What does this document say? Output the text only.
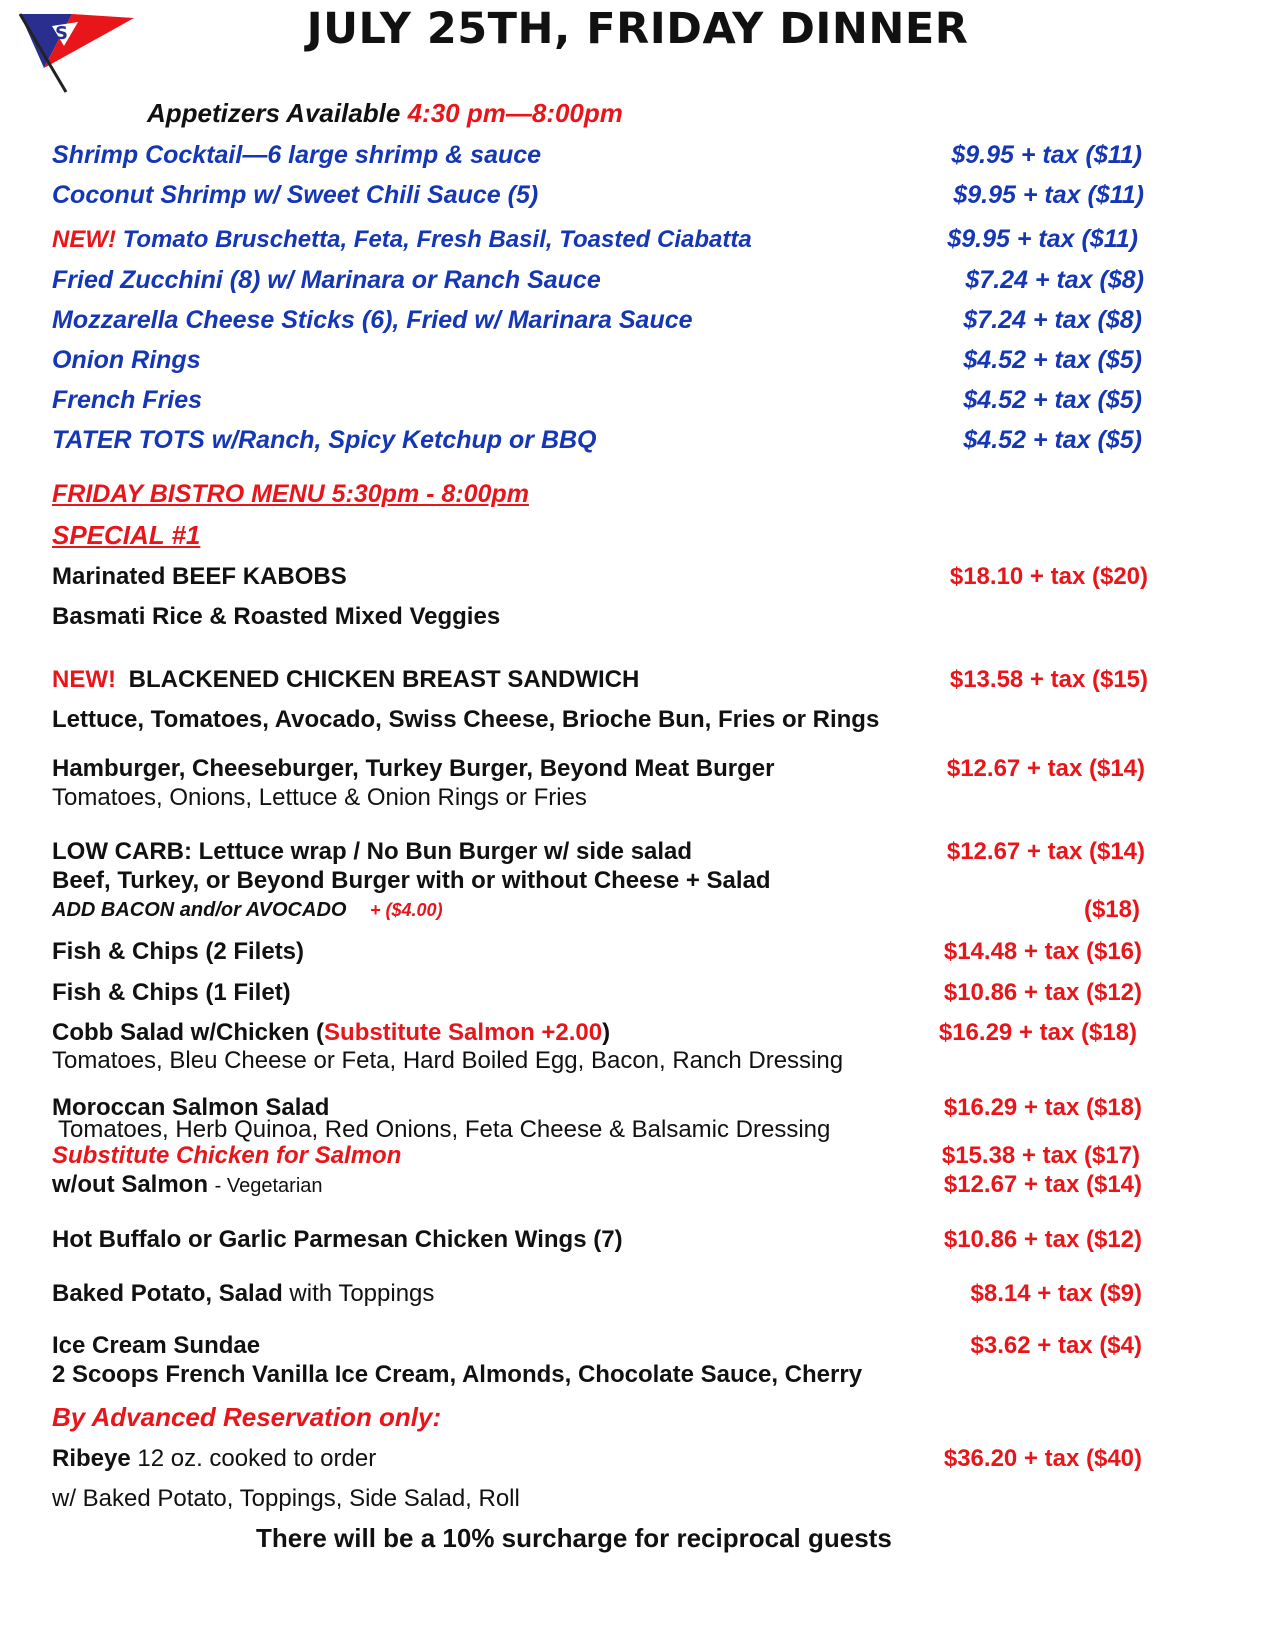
S	JULY 25TH, FRIDAY DINNER
Appetizers Available 4:30 pm—8:00pm
Shrimp Cocktail—6 large shrimp & sauce	$9.95 + tax ($11)
Coconut Shrimp w/ Sweet Chili Sauce (5)	$9.95 + tax ($11)
NEW! Tomato Bruschetta, Feta, Fresh Basil, Toasted Ciabatta	$9.95 + tax ($11)
Fried Zucchini (8) w/ Marinara or Ranch Sauce	$7.24 + tax ($8)
Mozzarella Cheese Sticks (6), Fried w/ Marinara Sauce	$7.24 + tax ($8)
Onion Rings	$4.52 + tax ($5)
French Fries	$4.52 + tax ($5)
TATER TOTS w/Ranch, Spicy Ketchup or BBQ	$4.52 + tax ($5)
FRIDAY BISTRO MENU 5:30pm - 8:00pm
SPECIAL #1
Marinated BEEF KABOBS	$18.10 + tax ($20)
Basmati Rice & Roasted Mixed Veggies
NEW! BLACKENED CHICKEN BREAST SANDWICH	$13.58 + tax ($15)
Lettuce, Tomatoes, Avocado, Swiss Cheese, Brioche Bun, Fries or Rings
Hamburger, Cheeseburger, Turkey Burger, Beyond Meat Burger	$12.67 + tax ($14)
Tomatoes, Onions, Lettuce & Onion Rings or Fries
LOW CARB: Lettuce wrap / No Bun Burger w/ side salad	$12.67 + tax ($14)
Beef, Turkey, or Beyond Burger with or without Cheese + Salad
ADD BACON and/or AVOCADO + ($4.00)	($18)
Fish & Chips (2 Filets)	$14.48 + tax ($16)
Fish & Chips (1 Filet)	$10.86 + tax ($12)
Cobb Salad w/Chicken (Substitute Salmon +2.00)	$16.29 + tax ($18)
Tomatoes, Bleu Cheese or Feta, Hard Boiled Egg, Bacon, Ranch Dressing
Moroccan Salmon Salad	$16.29 + tax ($18)
Tomatoes, Herb Quinoa, Red Onions, Feta Cheese & Balsamic Dressing
Substitute Chicken for Salmon	$15.38 + tax ($17)
w/out Salmon - Vegetarian	$12.67 + tax ($14)
Hot Buffalo or Garlic Parmesan Chicken Wings (7)	$10.86 + tax ($12)
Baked Potato, Salad with Toppings	$8.14 + tax ($9)
Ice Cream Sundae	$3.62 + tax ($4)
2 Scoops French Vanilla Ice Cream, Almonds, Chocolate Sauce, Cherry
By Advanced Reservation only:
Ribeye 12 oz. cooked to order	$36.20 + tax ($40)
w/ Baked Potato, Toppings, Side Salad, Roll
There will be a 10% surcharge for reciprocal guests
